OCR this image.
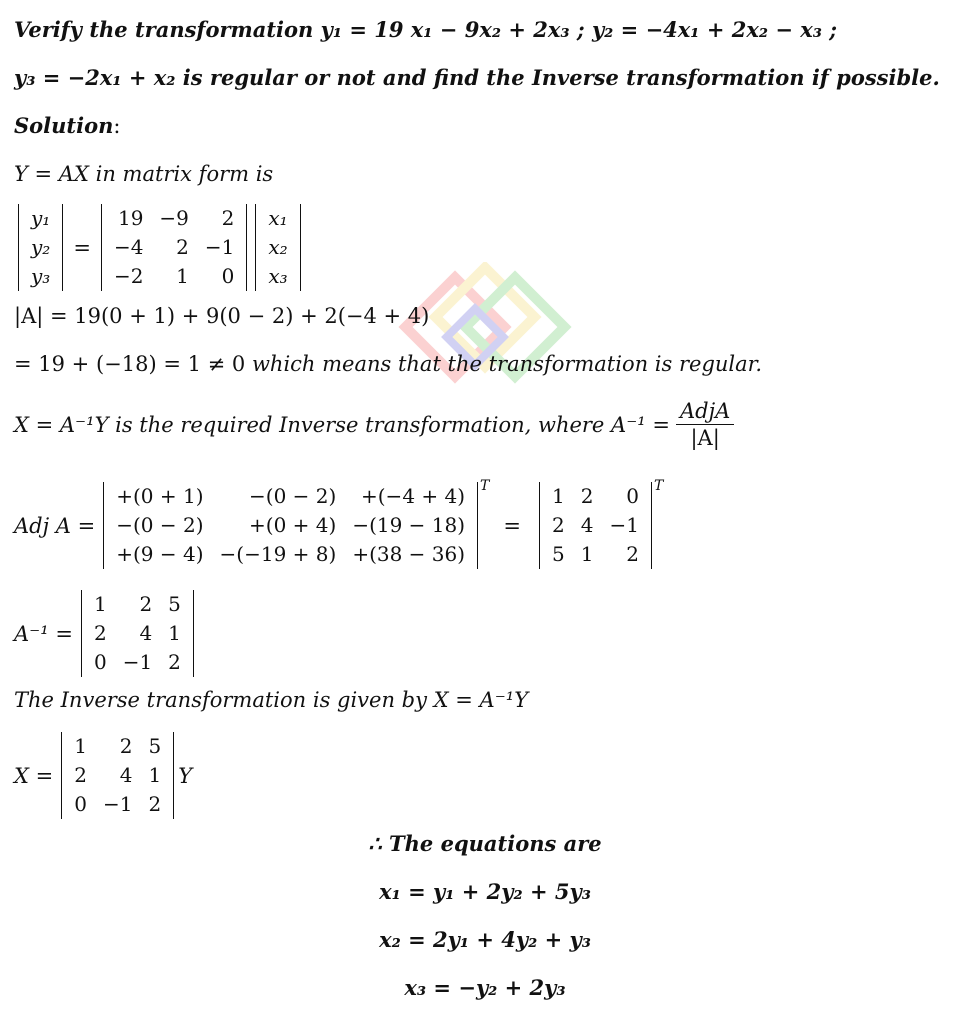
Verify the transformation y₁ = 19 x₁ − 9x₂ + 2x₃ ; y₂ = −4x₁ + 2x₂ − x₃ ;
y₃ = −2x₁ + x₂ is regular or not and find the Inverse transformation if possible.
Solution:
Y = AX in matrix form is
y₁
y₂
y₃
=
19 −9	2
−4	2 −1
−2	1	0
x₁
x₂
x₃
|A| = 19(0 + 1) + 9(0 − 2) + 2(−4 + 4)
= 19 + (−18) = 1 ≠ 0 which means that the transformation is regular.
X = A⁻¹Y is the required Inverse transformation, where $A^{-1} = \frac{\text{AdjA}}{|A|}$
Adj A =
+(0 + 1)	−(0 − 2)	+(−4 + 4)
−(0 − 2)	+(0 + 4) −(19 − 18)
+(9 − 4) −(−19 + 8) +(38 − 36)
T
=
1 2	0
2 4 −1
5 1	2
T
A⁻¹ =
1	2 5
2	4 1
0 −1 2
The Inverse transformation is given by X = A⁻¹Y
X =
1	2 5
2	4 1
0 −1 2
Y
∴ The equations are
x₁ = y₁ + 2y₂ + 5y₃
x₂ = 2y₁ + 4y₂ + y₃
x₃ = −y₂ + 2y₃
